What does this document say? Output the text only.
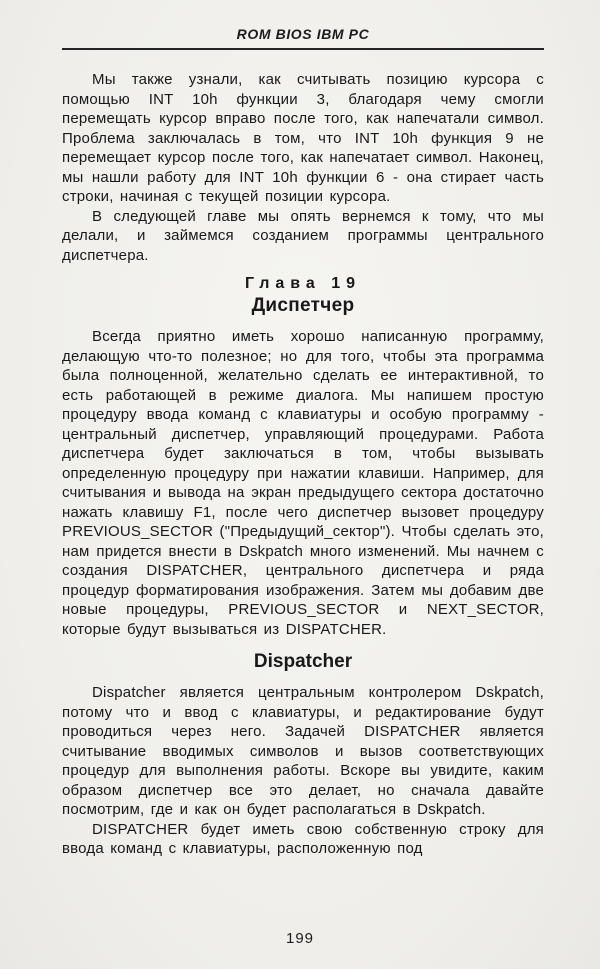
ROM BIOS IBM PC

Мы также узнали, как считывать позицию курсора с помощью INT 10h функции 3, благодаря чему смогли перемещать курсор вправо после того, как напечатали символ. Проблема заключалась в том, что INT 10h функция 9 не перемещает курсор после того, как напечатает символ. Наконец, мы нашли работу для INT 10h функции 6 - она стирает часть строки, начиная с текущей позиции курсора.

В следующей главе мы опять вернемся к тому, что мы делали, и займемся созданием программы центрального диспетчера.

Глава 19
Диспетчер

Всегда приятно иметь хорошо написанную программу, делающую что-то полезное; но для того, чтобы эта программа была полноценной, желательно сделать ее интерактивной, то есть работающей в режиме диалога. Мы напишем простую процедуру ввода команд с клавиатуры и особую программу - центральный диспетчер, управляющий процедурами. Работа диспетчера будет заключаться в том, чтобы вызывать определенную процедуру при нажатии клавиши. Например, для считывания и вывода на экран предыдущего сектора достаточно нажать клавишу F1, после чего диспетчер вызовет процедуру PREVIOUS_SECTOR ("Предыдущий_сектор"). Чтобы сделать это, нам придется внести в Dskpatch много изменений. Мы начнем с создания DISPATCHER, центрального диспетчера и ряда процедур форматирования изображения. Затем мы добавим две новые процедуры, PREVIOUS_SECTOR и NEXT_SECTOR, которые будут вызываться из DISPATCHER.

Dispatcher

Dispatcher является центральным контролером Dskpatch, потому что и ввод с клавиатуры, и редактирование будут проводиться через него. Задачей DISPATCHER является считывание вводимых символов и вызов соответствующих процедур для выполнения работы. Вскоре вы увидите, каким образом диспетчер все это делает, но сначала давайте посмотрим, где и как он будет располагаться в Dskpatch.

DISPATCHER будет иметь свою собственную строку для ввода команд с клавиатуры, расположенную под

199
